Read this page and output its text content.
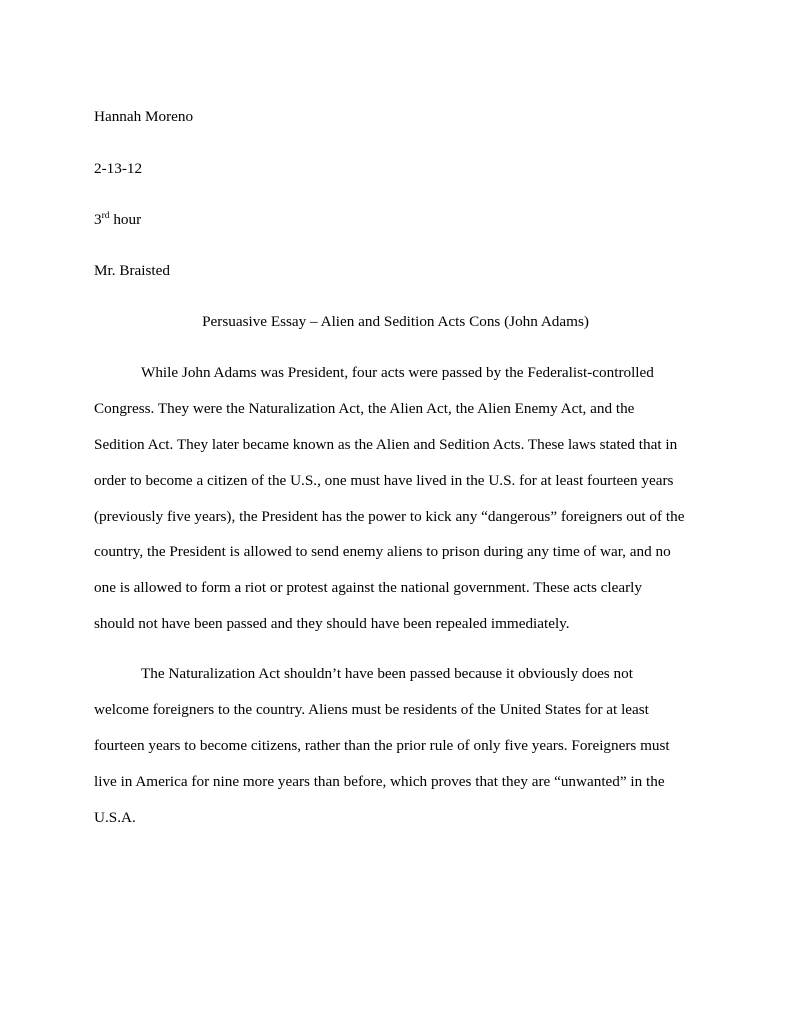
Hannah Moreno
2-13-12
3rd hour
Mr. Braisted
Persuasive Essay – Alien and Sedition Acts Cons (John Adams)
While John Adams was President, four acts were passed by the Federalist-controlled
Congress. They were the Naturalization Act, the Alien Act, the Alien Enemy Act, and the
Sedition Act. They later became known as the Alien and Sedition Acts. These laws stated that in
order to become a citizen of the U.S., one must have lived in the U.S. for at least fourteen years
(previously five years), the President has the power to kick any “dangerous” foreigners out of the
country, the President is allowed to send enemy aliens to prison during any time of war, and no
one is allowed to form a riot or protest against the national government. These acts clearly
should not have been passed and they should have been repealed immediately.
The Naturalization Act shouldn’t have been passed because it obviously does not
welcome foreigners to the country. Aliens must be residents of the United States for at least
fourteen years to become citizens, rather than the prior rule of only five years. Foreigners must
live in America for nine more years than before, which proves that they are “unwanted” in the
U.S.A.
